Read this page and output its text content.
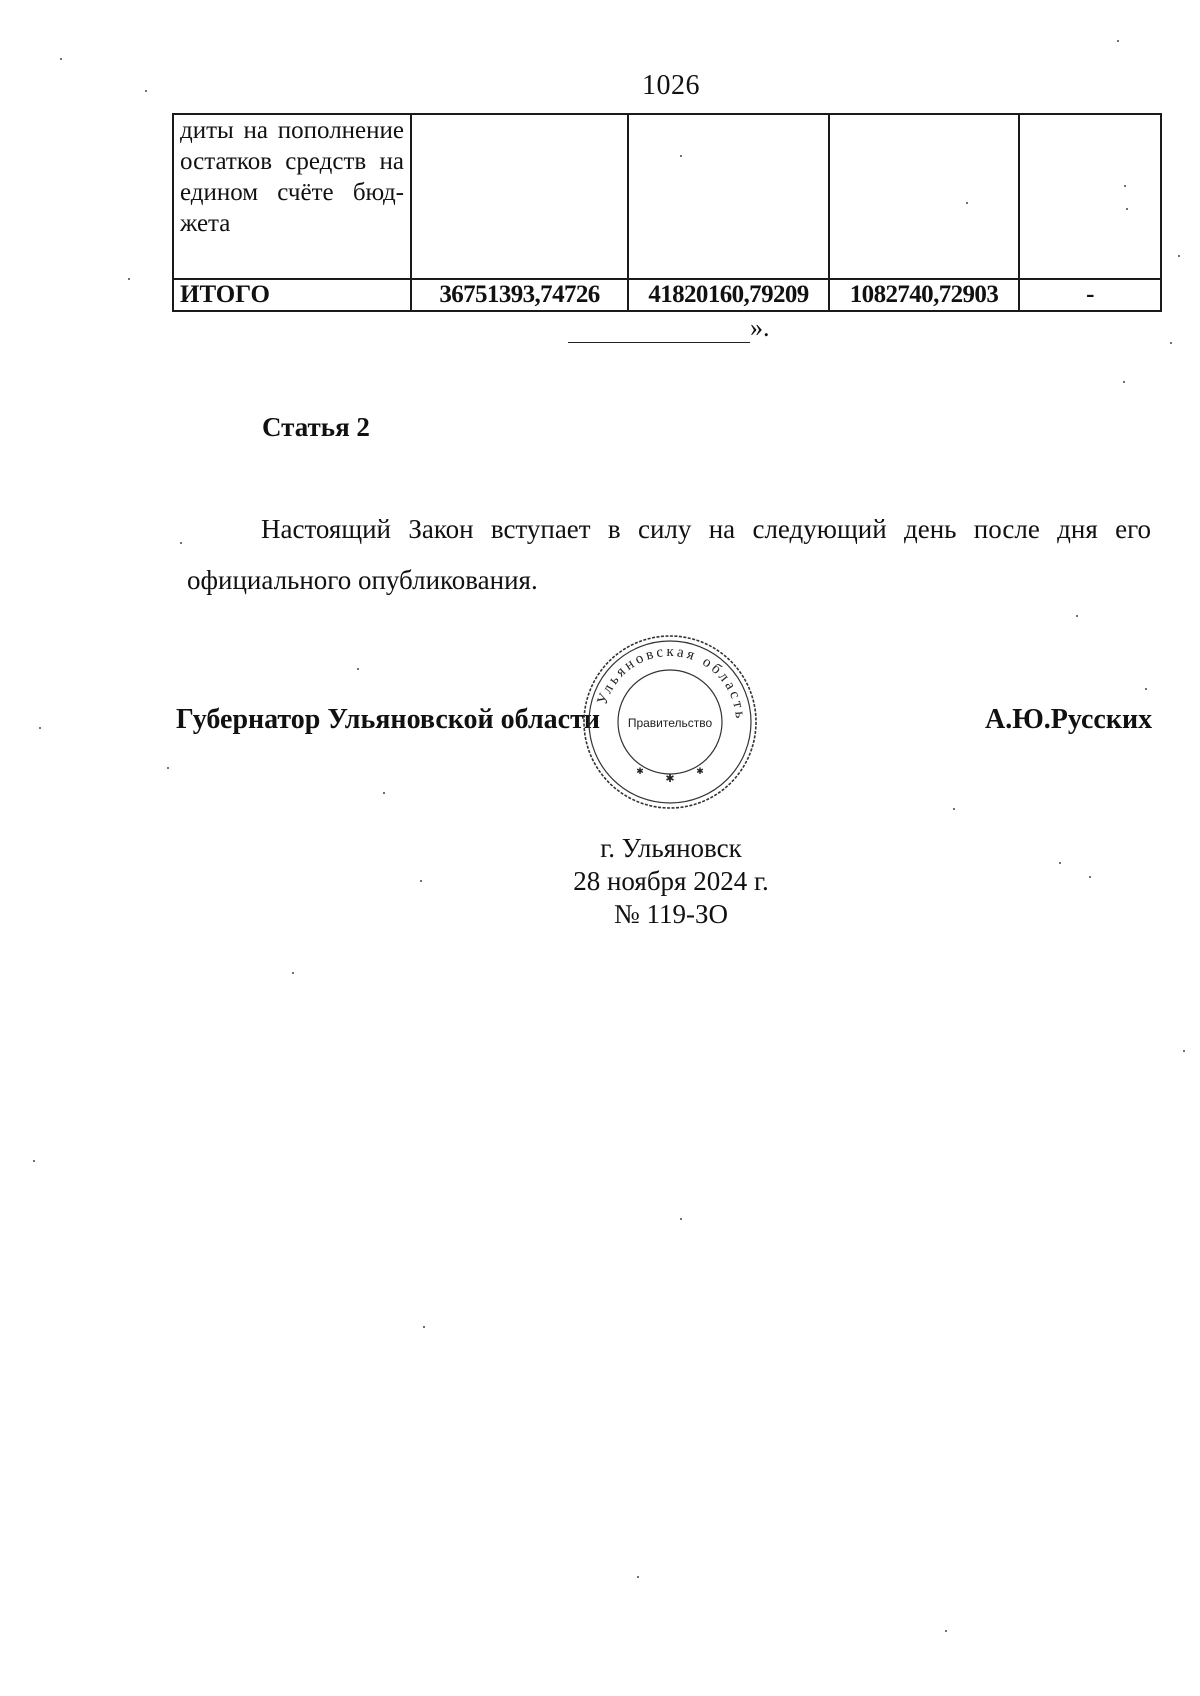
1026
диты на пополнение остатков средств на едином счёте бюджета				
ИТОГО	36751393,74726	41820160,79209	1082740,72903	-
».
Статья 2
Настоящий Закон вступает в силу на следующий день после дня его официального опубликования.
Губернатор Ульяновской области	А.Ю.Русских
Ульяновская область
Правительство
✱
✱	✱
г. Ульяновск
28 ноября 2024 г.
№ 119-ЗО
